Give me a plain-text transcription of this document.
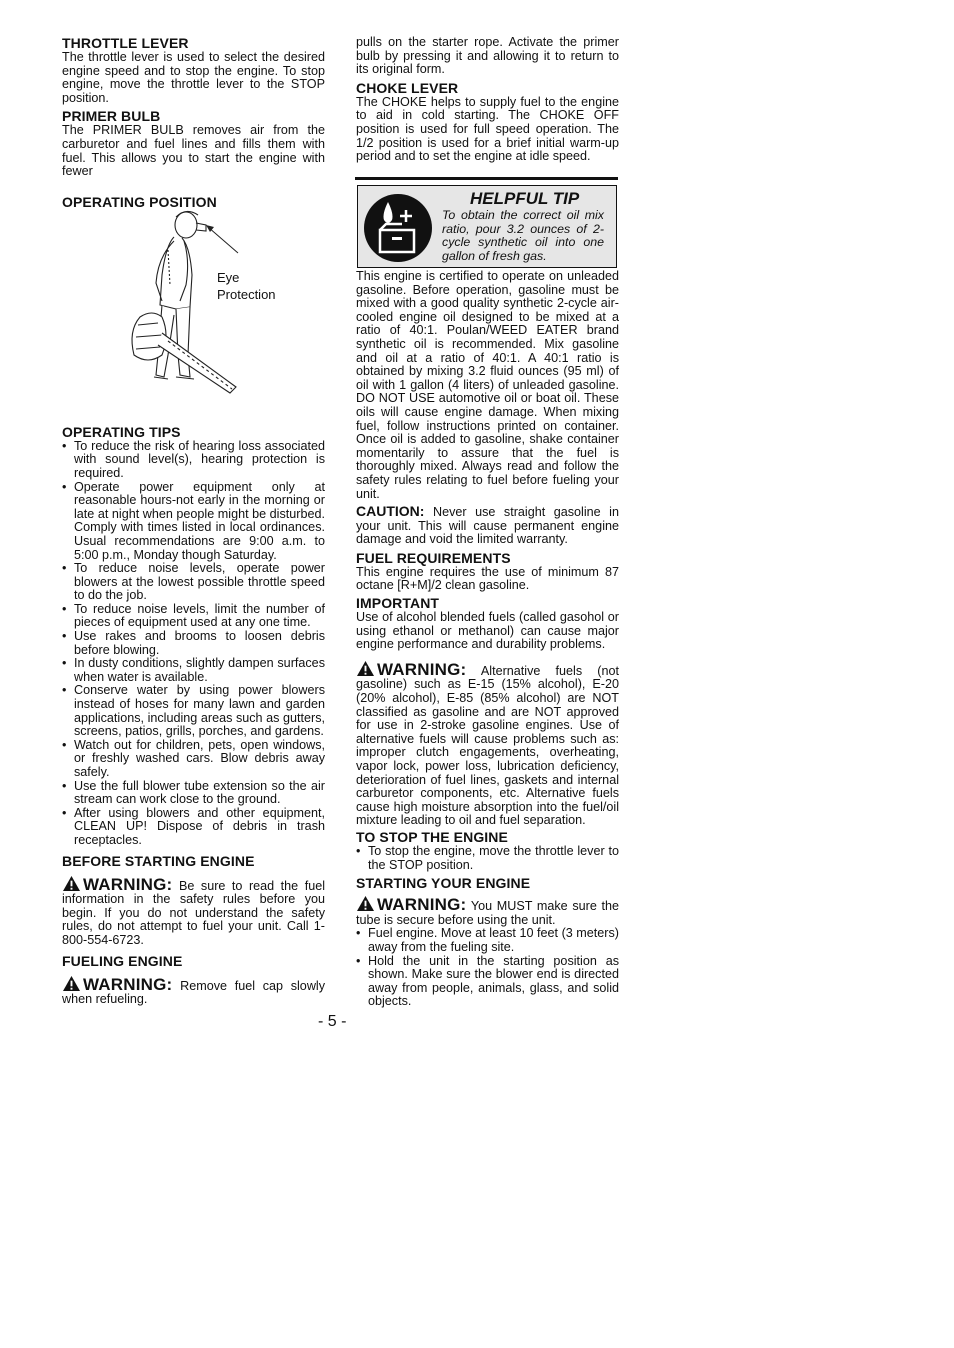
THROTTLE LEVER

The throttle lever is used to select the desired engine speed and to stop the engine. To stop engine, move the throttle lever to the STOP position.

PRIMER BULB

The PRIMER BULB removes air from the carburetor and fuel lines and fills them with fuel. This allows you to start the engine with fewer

OPERATING POSITION
OPERATING TIPS
• To reduce the risk of hearing loss associated with sound level(s), hearing protection is required.
• Operate power equipment only at reasonable hours-not early in the morning or late at night when people might be disturbed. Comply with times listed in local ordinances. Usual recommendations are 9:00 a.m. to 5:00 p.m., Monday though Saturday.
• To reduce noise levels, operate power blowers at the lowest possible throttle speed to do the job.
• To reduce noise levels, limit the number of pieces of equipment used at any one time.
• Use rakes and brooms to loosen debris before blowing.
• In dusty conditions, slightly dampen surfaces when water is available.
• Conserve water by using power blowers instead of hoses for many lawn and garden applications, including areas such as gutters, screens, patios, grills, porches, and gardens.
• Watch out for children, pets, open windows, or freshly washed cars. Blow debris away safely.
• Use the full blower tube extension so the air stream can work close to the ground.
• After using blowers and other equipment, CLEAN UP! Dispose of debris in trash receptacles.
BEFORE STARTING ENGINE

WARNING: Be sure to read the fuel information in the safety rules before you begin. If you do not understand the safety rules, do not attempt to fuel your unit. Call 1-800-554-6723.

FUELING ENGINE

WARNING: Remove fuel cap slowly when refueling.

Eye
Protection

pulls on the starter rope. Activate the primer bulb by pressing it and allowing it to return to its original form.

CHOKE LEVER

The CHOKE helps to supply fuel to the engine to aid in cold starting. The CHOKE OFF position is used for full speed operation. The 1/2 position is used for a brief initial warm-up period and to set the engine at idle speed.

HELPFUL TIP
To obtain the correct oil mix ratio, pour 3.2 ounces of 2-cycle synthetic oil into one gallon of fresh gas.

This engine is certified to operate on unleaded gasoline. Before operation, gasoline must be mixed with a good quality synthetic 2-cycle air-cooled engine oil designed to be mixed at a ratio of 40:1. Poulan/WEED EATER brand synthetic oil is recommended. Mix gasoline and oil at a ratio of 40:1. A 40:1 ratio is obtained by mixing 3.2 fluid ounces (95 ml) of oil with 1 gallon (4 liters) of unleaded gasoline. DO NOT USE automotive oil or boat oil. These oils will cause engine damage. When mixing fuel, follow instructions printed on container. Once oil is added to gasoline, shake container momentarily to assure that the fuel is thoroughly mixed. Always read and follow the safety rules relating to fuel before fueling your unit.

CAUTION: Never use straight gasoline in your unit. This will cause permanent engine damage and void the limited warranty.

FUEL REQUIREMENTS

This engine requires the use of minimum 87 octane [R+M]/2 clean gasoline.

IMPORTANT

Use of alcohol blended fuels (called gasohol or using ethanol or methanol) can cause major engine performance and durability problems.

WARNING: Alternative fuels (not gasoline) such as E-15 (15% alcohol), E-20 (20% alcohol), E-85 (85% alcohol) are NOT classified as gasoline and are NOT approved for use in 2-stroke gasoline engines. Use of alternative fuels will cause problems such as: improper clutch engagements, overheating, vapor lock, power loss, lubrication deficiency, deterioration of fuel lines, gaskets and internal carburetor components, etc. Alternative fuels cause high moisture absorption into the fuel/oil mixture leading to oil and fuel separation.

TO STOP THE ENGINE
• To stop the engine, move the throttle lever to the STOP position.
STARTING YOUR ENGINE

WARNING: You MUST make sure the tube is secure before using the unit.

• Fuel engine. Move at least 10 feet (3 meters) away from the fueling site.
• Hold the unit in the starting position as shown. Make sure the blower end is directed away from people, animals, glass, and solid objects.
- 5 -
